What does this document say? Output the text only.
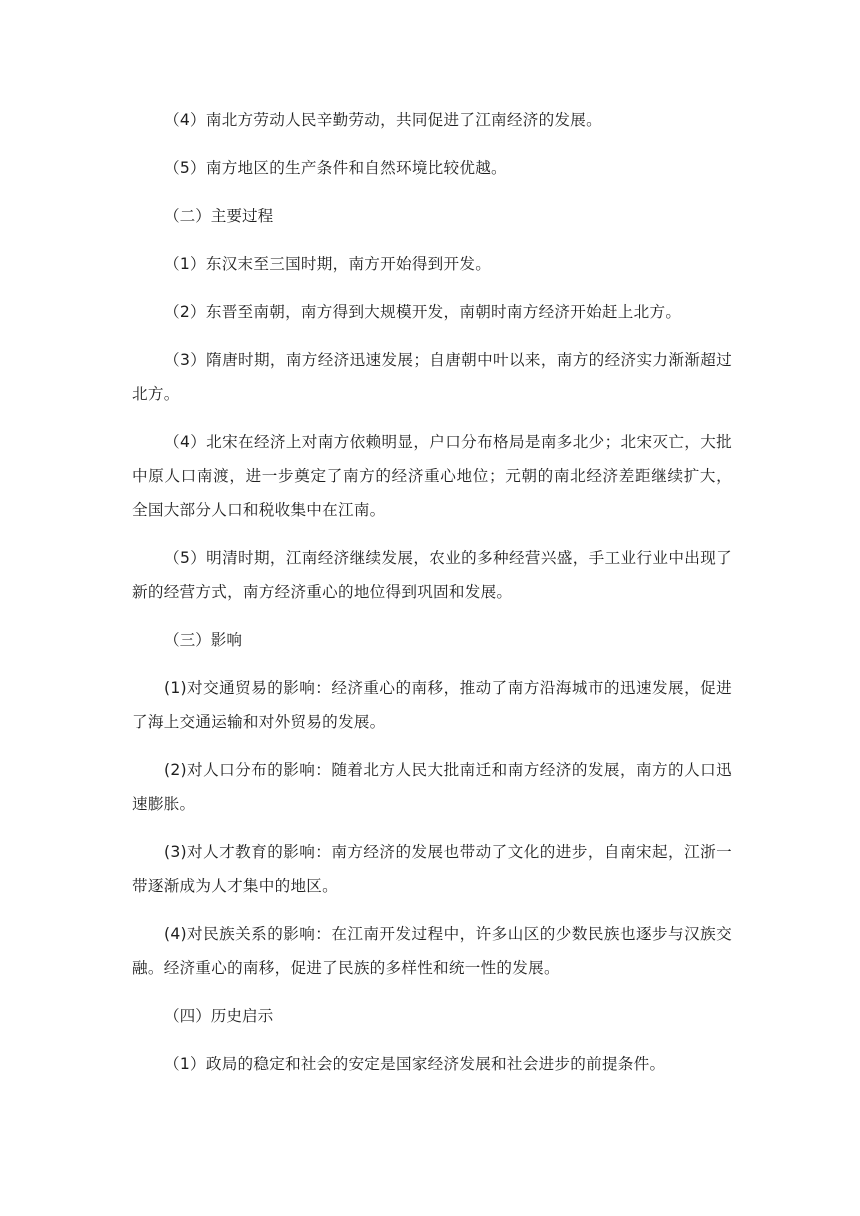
（4）南北方劳动人民辛勤劳动，共同促进了江南经济的发展。

（5）南方地区的生产条件和自然环境比较优越。

（二）主要过程

（1）东汉末至三国时期，南方开始得到开发。

（2）东晋至南朝，南方得到大规模开发，南朝时南方经济开始赶上北方。

（3）隋唐时期，南方经济迅速发展；自唐朝中叶以来，南方的经济实力渐渐超过北方。

（4）北宋在经济上对南方依赖明显，户口分布格局是南多北少；北宋灭亡，大批中原人口南渡，进一步奠定了南方的经济重心地位；元朝的南北经济差距继续扩大，全国大部分人口和税收集中在江南。

（5）明清时期，江南经济继续发展，农业的多种经营兴盛，手工业行业中出现了新的经营方式，南方经济重心的地位得到巩固和发展。

（三）影响

(1)对交通贸易的影响：经济重心的南移，推动了南方沿海城市的迅速发展，促进了海上交通运输和对外贸易的发展。

(2)对人口分布的影响：随着北方人民大批南迁和南方经济的发展，南方的人口迅速膨胀。

(3)对人才教育的影响：南方经济的发展也带动了文化的进步，自南宋起，江浙一带逐渐成为人才集中的地区。

(4)对民族关系的影响：在江南开发过程中，许多山区的少数民族也逐步与汉族交融。经济重心的南移，促进了民族的多样性和统一性的发展。

（四）历史启示

（1）政局的稳定和社会的安定是国家经济发展和社会进步的前提条件。
